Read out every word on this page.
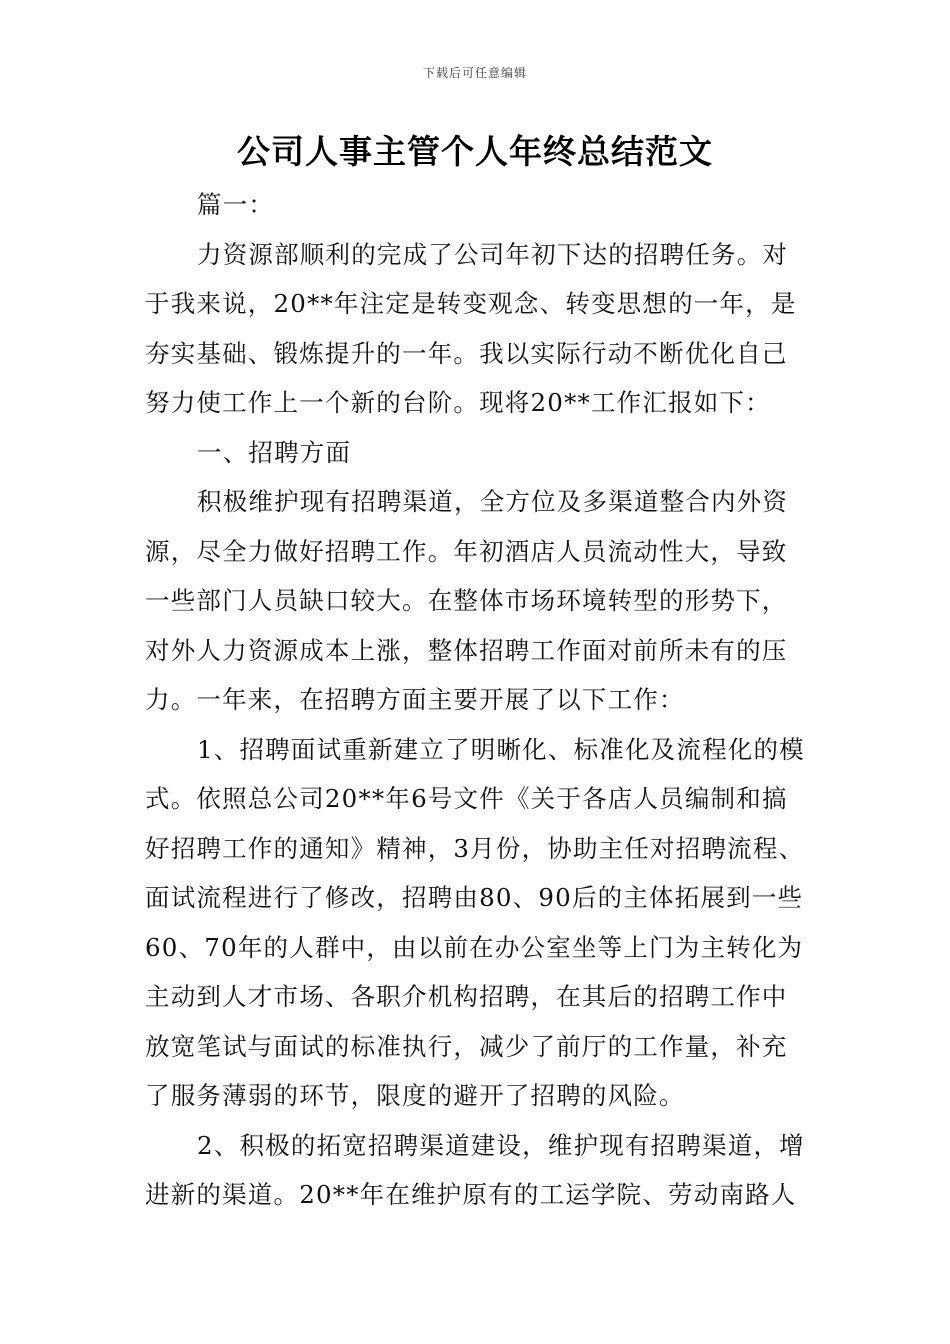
下载后可任意编辑
公司人事主管个人年终总结范文
篇一：
力资源部顺利的完成了公司年初下达的招聘任务。对
于我来说，20**年注定是转变观念、转变思想的一年，是
夯实基础、锻炼提升的一年。我以实际行动不断优化自己
努力使工作上一个新的台阶。现将20**工作汇报如下：
一、招聘方面
积极维护现有招聘渠道，全方位及多渠道整合内外资
源，尽全力做好招聘工作。年初酒店人员流动性大，导致
一些部门人员缺口较大。在整体市场环境转型的形势下，
对外人力资源成本上涨，整体招聘工作面对前所未有的压
力。一年来，在招聘方面主要开展了以下工作：
1、招聘面试重新建立了明晰化、标准化及流程化的模
式。依照总公司20**年6号文件《关于各店人员编制和搞
好招聘工作的通知》精神，3月份，协助主任对招聘流程、
面试流程进行了修改，招聘由80、90后的主体拓展到一些
60、70年的人群中，由以前在办公室坐等上门为主转化为
主动到人才市场、各职介机构招聘，在其后的招聘工作中
放宽笔试与面试的标准执行，减少了前厅的工作量，补充
了服务薄弱的环节，限度的避开了招聘的风险。
2、积极的拓宽招聘渠道建设，维护现有招聘渠道，增
进新的渠道。20**年在维护原有的工运学院、劳动南路人
